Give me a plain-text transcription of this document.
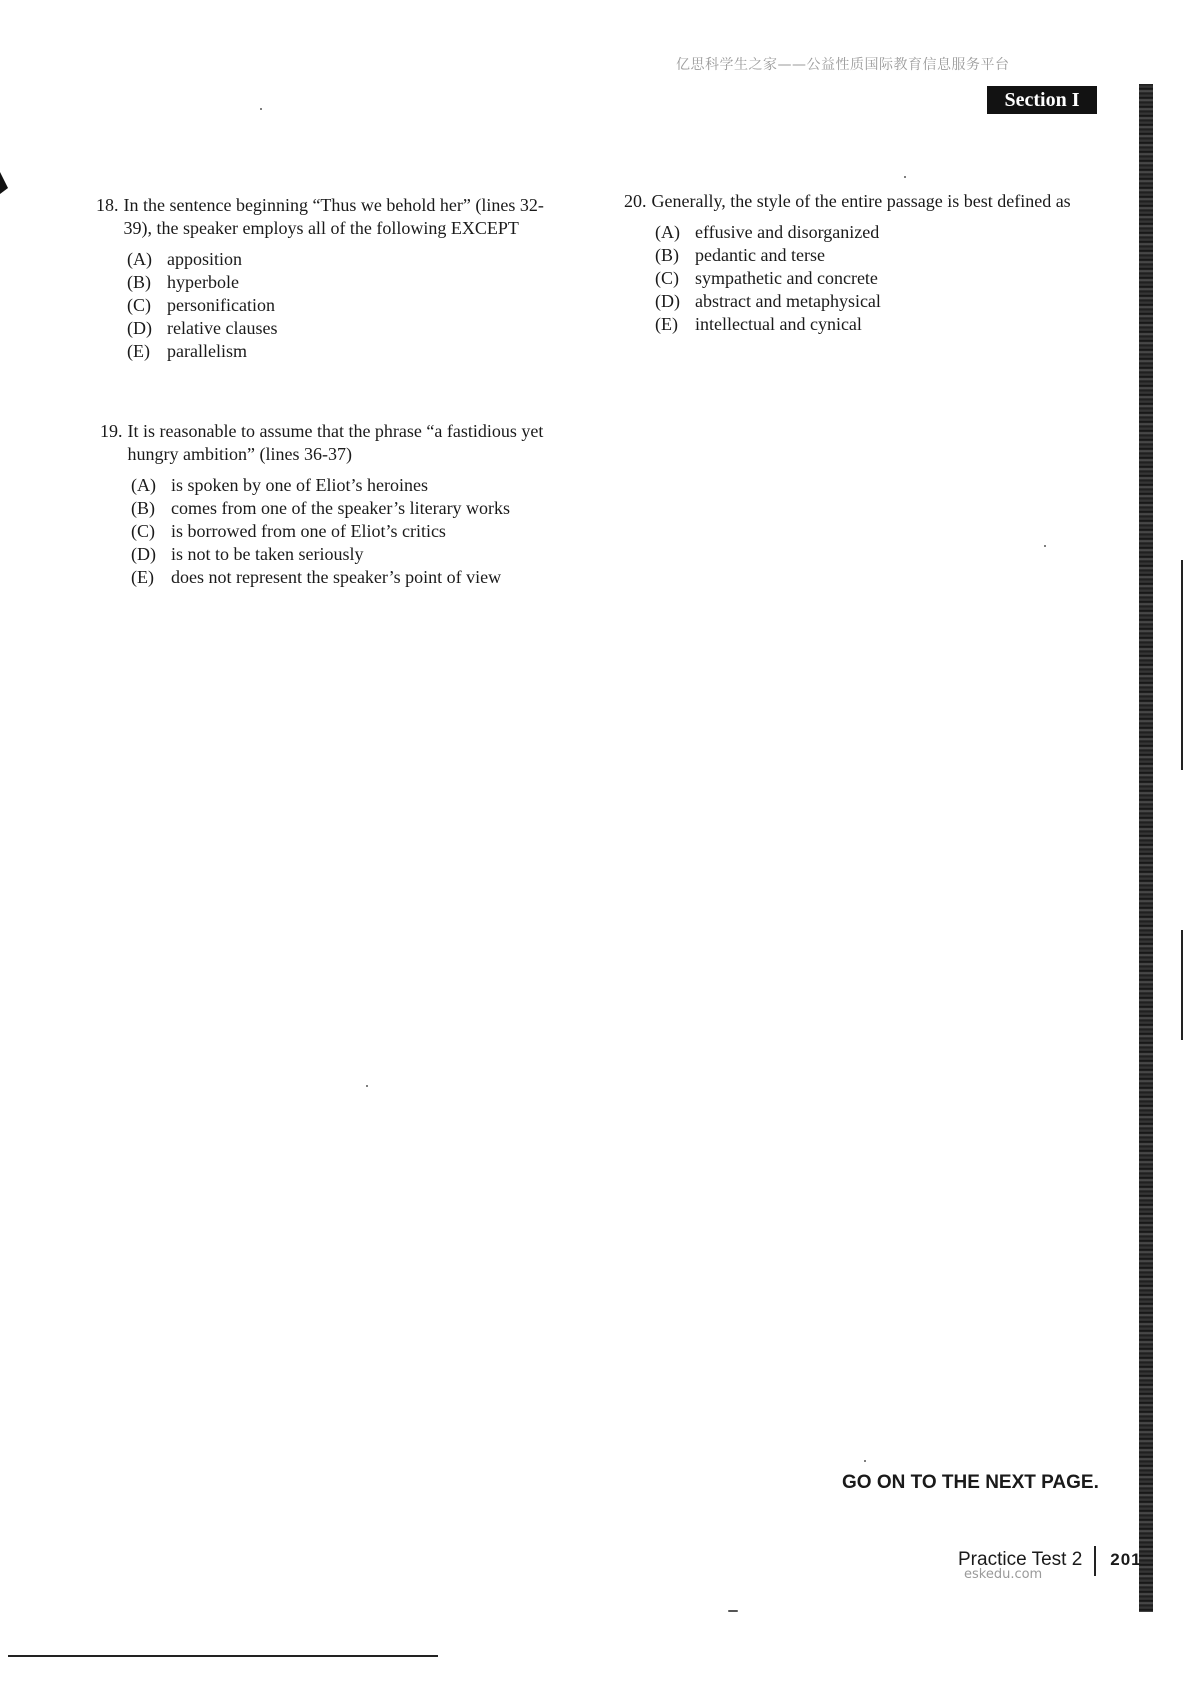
亿思科学生之家——公益性质国际教育信息服务平台
Section I
18. In the sentence beginning “Thus we behold her” (lines 32-39), the speaker employs all of the following EXCEPT
(A) apposition
(B) hyperbole
(C) personification
(D) relative clauses
(E) parallelism
19. It is reasonable to assume that the phrase “a fastidious yet hungry ambition” (lines 36-37)
(A) is spoken by one of Eliot’s heroines
(B) comes from one of the speaker’s literary works
(C) is borrowed from one of Eliot’s critics
(D) is not to be taken seriously
(E) does not represent the speaker’s point of view
20. Generally, the style of the entire passage is best defined as
(A) effusive and disorganized
(B) pedantic and terse
(C) sympathetic and concrete
(D) abstract and metaphysical
(E) intellectual and cynical
GO ON TO THE NEXT PAGE.
Practice Test 2
eskedu.com
201
